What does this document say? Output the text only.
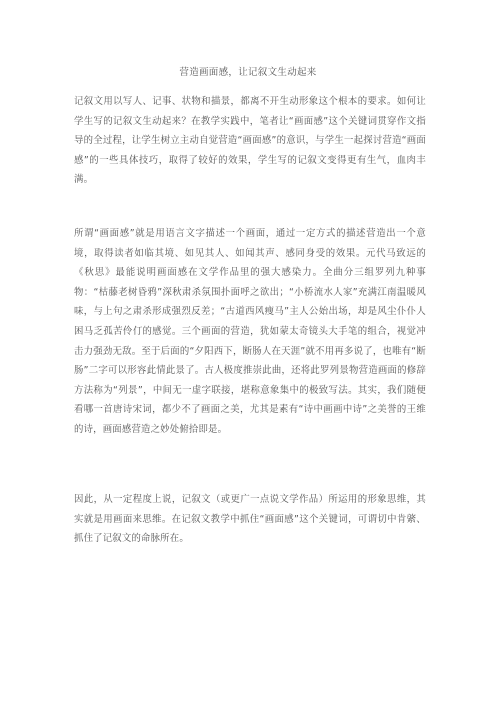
营造画面感，让记叙文生动起来

记叙文用以写人、记事、状物和描景，都离不开生动形象这个根本的要求。如何让学生写的记叙文生动起来？在教学实践中，笔者让“画面感”这个关键词贯穿作文指导的全过程，让学生树立主动自觉营造“画面感”的意识，与学生一起探讨营造“画面感”的一些具体技巧，取得了较好的效果，学生写的记叙文变得更有生气，血肉丰满。

所谓“画面感”就是用语言文字描述一个画面，通过一定方式的描述营造出一个意境，取得读者如临其境、如见其人、如闻其声、感同身受的效果。元代马致远的《秋思》最能说明画面感在文学作品里的强大感染力。全曲分三组罗列九种事物：“枯藤老树昏鸦”深秋肃杀氛围扑面呼之欲出；“小桥流水人家”充满江南温暖风味，与上句之肃杀形成强烈反差；“古道西风瘦马”主人公始出场，却是风尘仆仆人困马乏孤苦伶仃的感觉。三个画面的营造，犹如蒙太奇镜头大手笔的组合，视觉冲击力强劲无敌。至于后面的“夕阳西下，断肠人在天涯”就不用再多说了，也唯有“断肠”二字可以形容此情此景了。古人极度推崇此曲，还将此罗列景物营造画面的修辞方法称为“列景”，中间无一虚字联接，堪称意象集中的极致写法。其实，我们随便看哪一首唐诗宋词，都少不了画面之美，尤其是素有“诗中画画中诗”之美誉的王维的诗，画面感营造之妙处俯拾即是。

因此，从一定程度上说，记叙文（或更广一点说文学作品）所运用的形象思维，其实就是用画面来思维。在记叙文教学中抓住“画面感”这个关键词，可谓切中肯綮、抓住了记叙文的命脉所在。
